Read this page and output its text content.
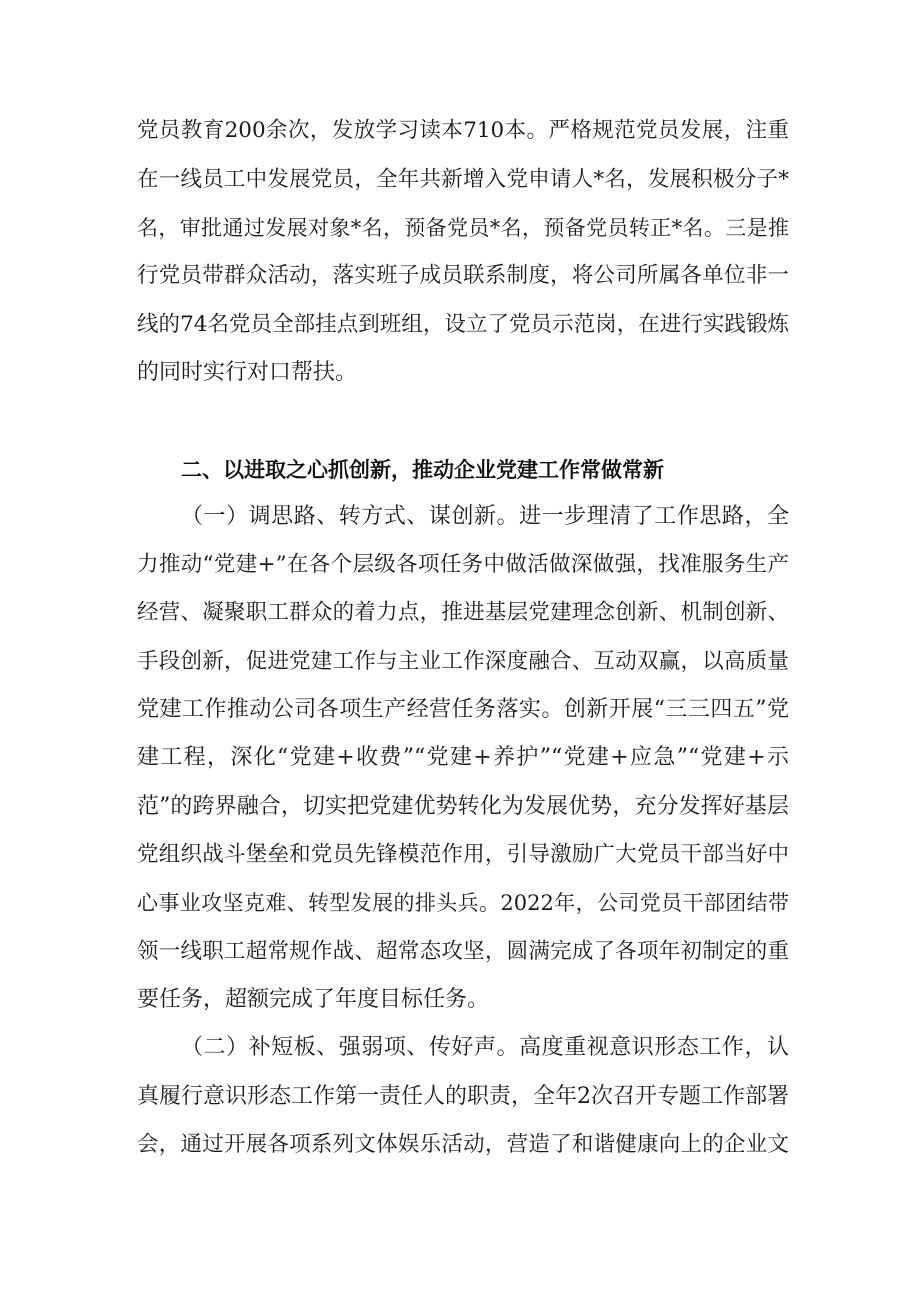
党员教育200余次，发放学习读本710本。严格规范党员发展，注重
在一线员工中发展党员，全年共新增入党申请人*名，发展积极分子*
名，审批通过发展对象*名，预备党员*名，预备党员转正*名。三是推
行党员带群众活动，落实班子成员联系制度，将公司所属各单位非一
线的74名党员全部挂点到班组，设立了党员示范岗，在进行实践锻炼
的同时实行对口帮扶。
二、以进取之心抓创新，推动企业党建工作常做常新
（一）调思路、转方式、谋创新。进一步理清了工作思路，全
力推动“党建+”在各个层级各项任务中做活做深做强，找准服务生产
经营、凝聚职工群众的着力点，推进基层党建理念创新、机制创新、
手段创新，促进党建工作与主业工作深度融合、互动双赢，以高质量
党建工作推动公司各项生产经营任务落实。创新开展“三三四五”党
建工程，深化“党建+收费”“党建+养护”“党建+应急”“党建+示
范”的跨界融合，切实把党建优势转化为发展优势，充分发挥好基层
党组织战斗堡垒和党员先锋模范作用，引导激励广大党员干部当好中
心事业攻坚克难、转型发展的排头兵。2022年，公司党员干部团结带
领一线职工超常规作战、超常态攻坚，圆满完成了各项年初制定的重
要任务，超额完成了年度目标任务。
（二）补短板、强弱项、传好声。高度重视意识形态工作，认
真履行意识形态工作第一责任人的职责，全年2次召开专题工作部署
会，通过开展各项系列文体娱乐活动，营造了和谐健康向上的企业文
